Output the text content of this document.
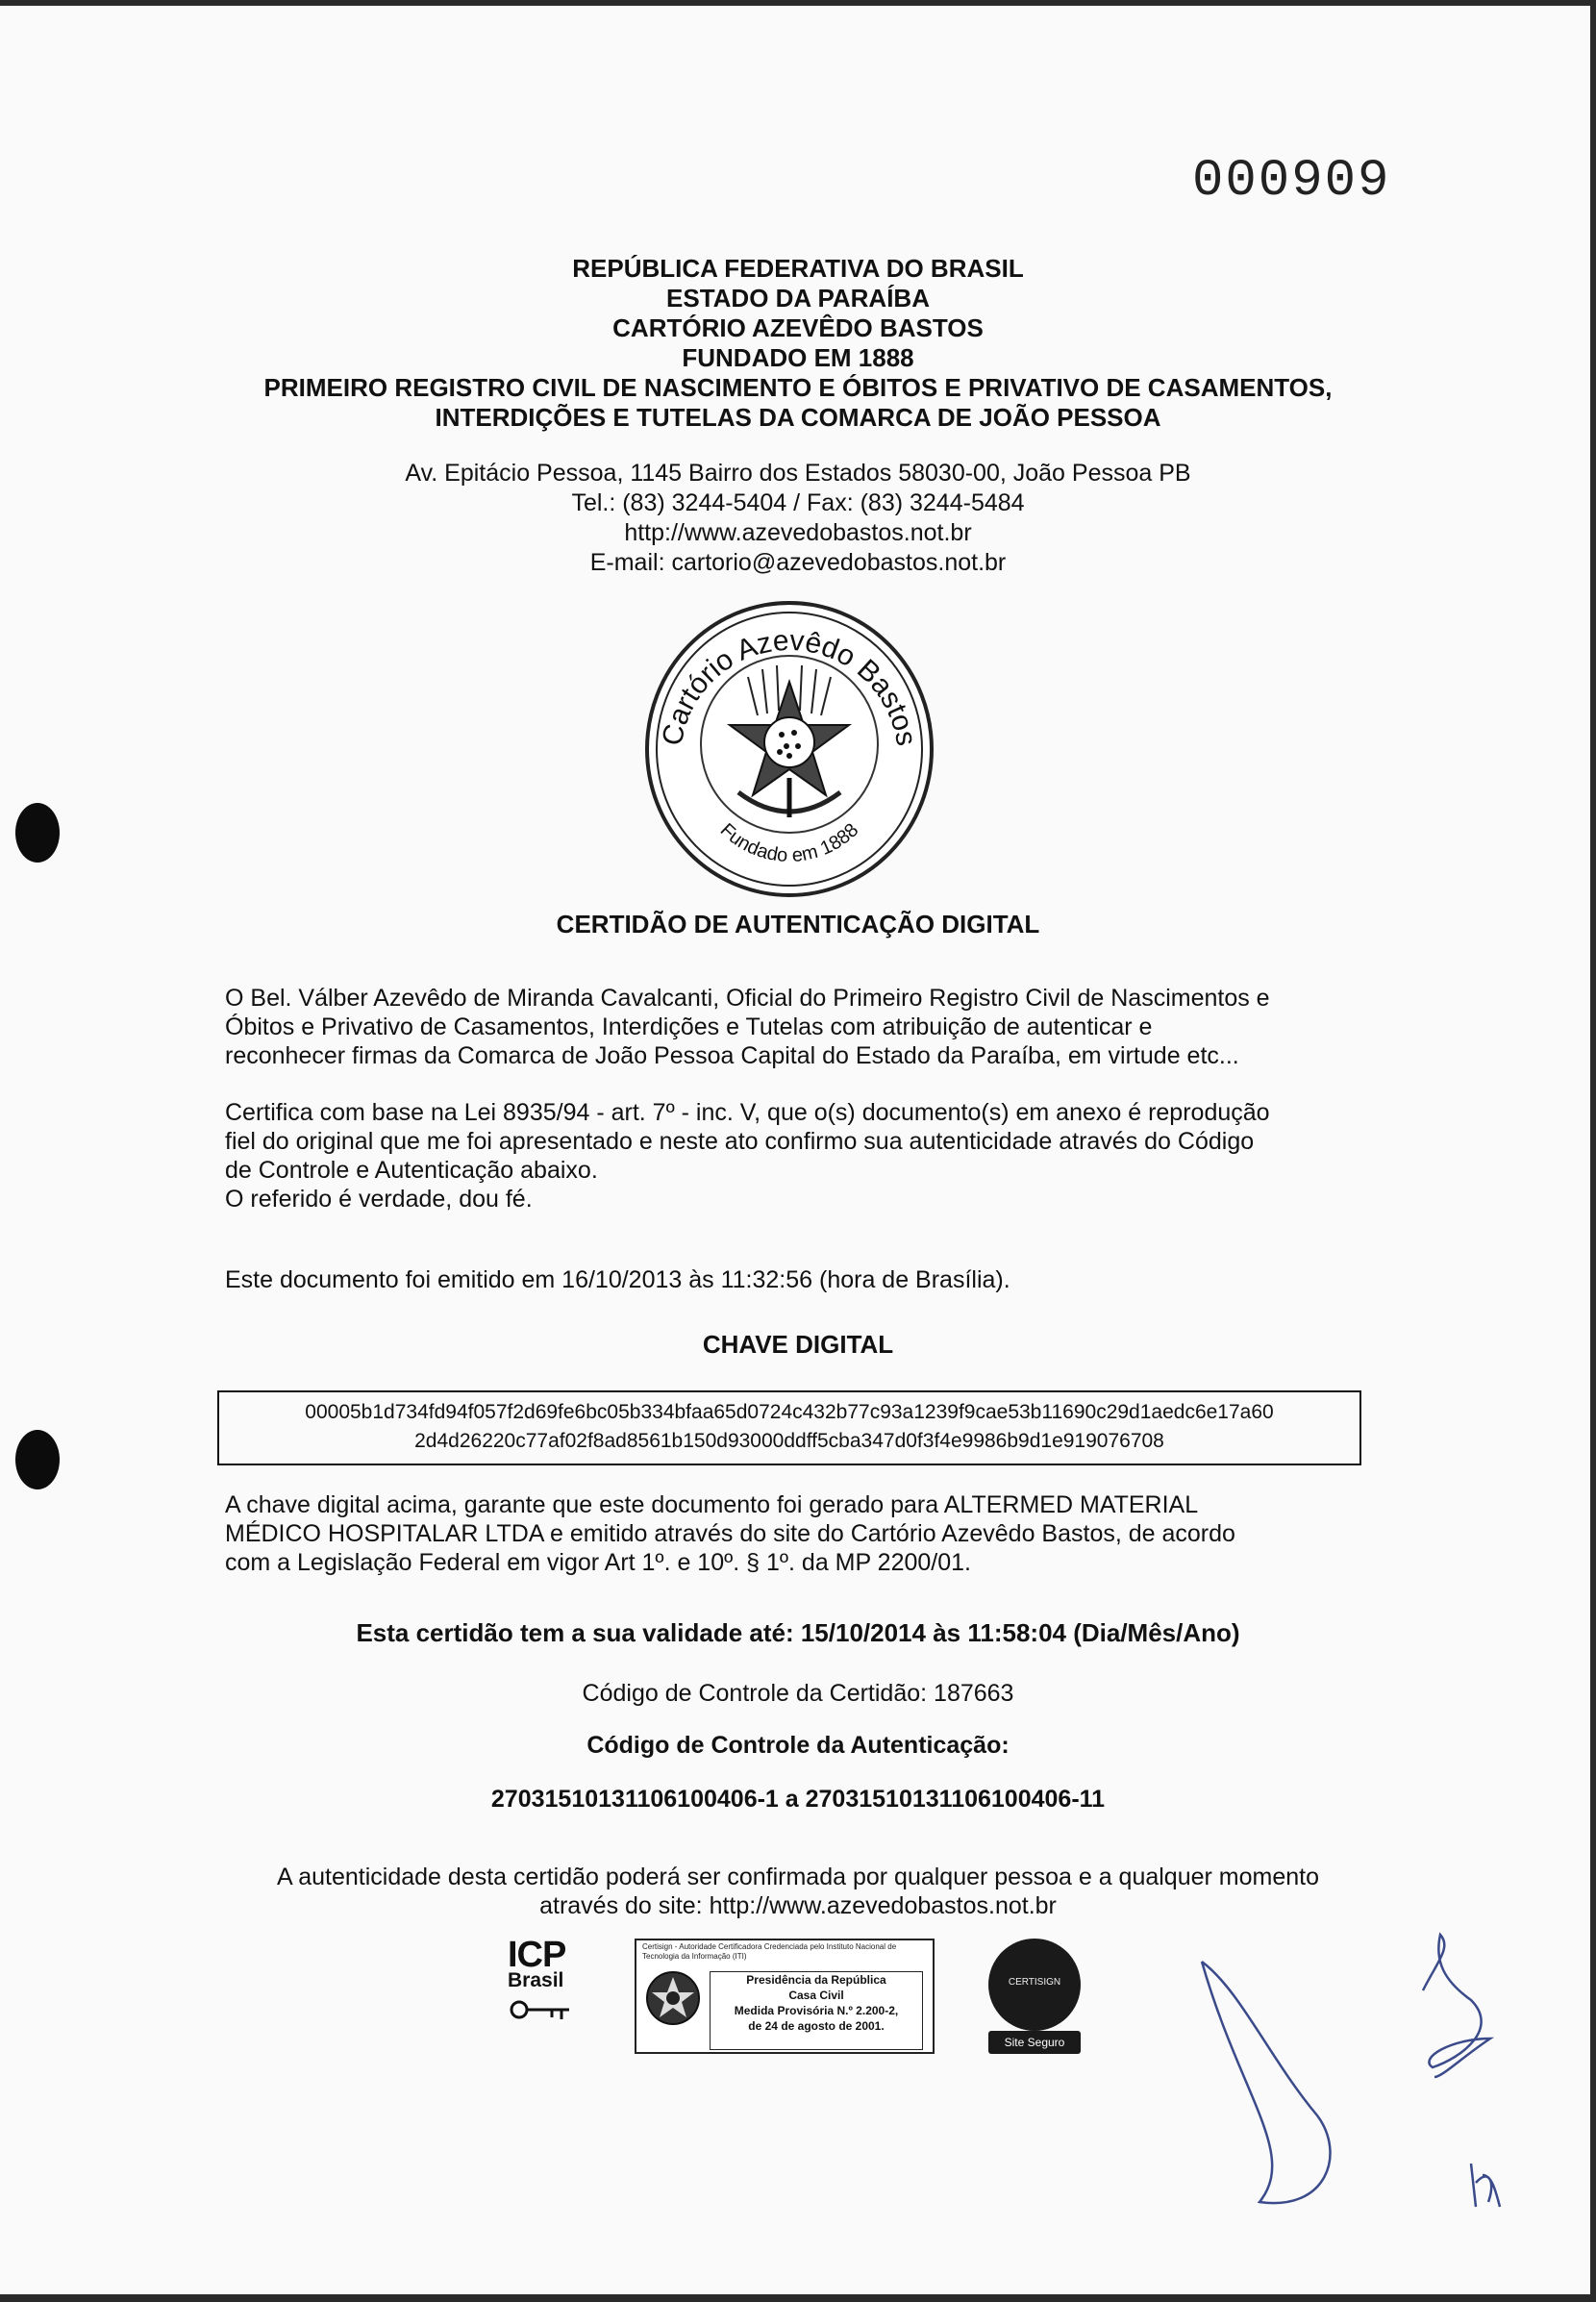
000909
REPÚBLICA FEDERATIVA DO BRASIL
ESTADO DA PARAÍBA
CARTÓRIO AZEVÊDO BASTOS
FUNDADO EM 1888
PRIMEIRO REGISTRO CIVIL DE NASCIMENTO E ÓBITOS E PRIVATIVO DE CASAMENTOS,
INTERDIÇÕES E TUTELAS DA COMARCA DE JOÃO PESSOA
Av. Epitácio Pessoa, 1145 Bairro dos Estados 58030-00, João Pessoa PB
Tel.: (83) 3244-5404 / Fax: (83) 3244-5484
http://www.azevedobastos.not.br
E-mail: cartorio@azevedobastos.not.br
Cartório Azevêdo Bastos
Fundado em 1888
CERTIDÃO DE AUTENTICAÇÃO DIGITAL
O Bel. Válber Azevêdo de Miranda Cavalcanti, Oficial do Primeiro Registro Civil de Nascimentos e
Óbitos e Privativo de Casamentos, Interdições e Tutelas com atribuição de autenticar e
reconhecer firmas da Comarca de João Pessoa Capital do Estado da Paraíba, em virtude etc...
Certifica com base na Lei 8935/94 - art. 7º - inc. V, que o(s) documento(s) em anexo é reprodução
fiel do original que me foi apresentado e neste ato confirmo sua autenticidade através do Código
de Controle e Autenticação abaixo.
O referido é verdade, dou fé.
Este documento foi emitido em 16/10/2013 às 11:32:56 (hora de Brasília).
CHAVE DIGITAL
00005b1d734fd94f057f2d69fe6bc05b334bfaa65d0724c432b77c93a1239f9cae53b11690c29d1aedc6e17a60
2d4d26220c77af02f8ad8561b150d93000ddff5cba347d0f3f4e9986b9d1e919076708
A chave digital acima, garante que este documento foi gerado para ALTERMED MATERIAL
MÉDICO HOSPITALAR LTDA e emitido através do site do Cartório Azevêdo Bastos, de acordo
com a Legislação Federal em vigor Art 1º. e 10º. § 1º. da MP 2200/01.
Esta certidão tem a sua validade até: 15/10/2014 às 11:58:04 (Dia/Mês/Ano)
Código de Controle da Certidão: 187663
Código de Controle da Autenticação:
27031510131106100406-1 a 27031510131106100406-11
A autenticidade desta certidão poderá ser confirmada por qualquer pessoa e a qualquer momento
através do site: http://www.azevedobastos.not.br
ICP
Brasil
Certisign - Autoridade Certificadora Credenciada pelo Instituto Nacional de Tecnologia da Informação (ITI)
Presidência da República
Casa Civil
Medida Provisória N.º 2.200-2,
de 24 de agosto de 2001.
CERTISIGN
Site Seguro
